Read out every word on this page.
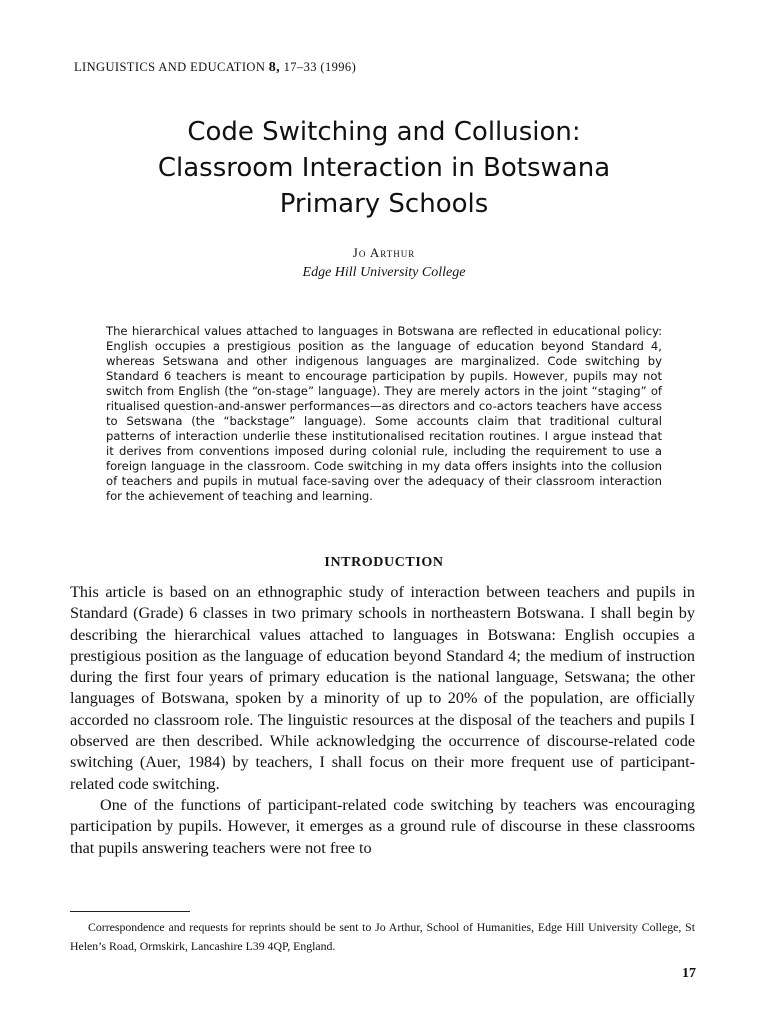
LINGUISTICS AND EDUCATION 8, 17–33 (1996)
Code Switching and Collusion:
Classroom Interaction in Botswana
Primary Schools
Jo Arthur
Edge Hill University College
The hierarchical values attached to languages in Botswana are reflected in educational policy: English occupies a prestigious position as the language of education beyond Standard 4, whereas Setswana and other indigenous languages are marginalized. Code switching by Standard 6 teachers is meant to encourage participation by pupils. However, pupils may not switch from English (the “on-stage” language). They are merely actors in the joint “staging” of ritualised question-and-answer performances—as directors and co-actors teachers have access to Setswana (the “backstage” language). Some accounts claim that traditional cultural patterns of interaction underlie these institutionalised recitation routines. I argue instead that it derives from conventions imposed during colonial rule, including the requirement to use a foreign language in the classroom. Code switching in my data offers insights into the collusion of teachers and pupils in mutual face-saving over the adequacy of their classroom interaction for the achievement of teaching and learning.
INTRODUCTION

This article is based on an ethnographic study of interaction between teachers and pupils in Standard (Grade) 6 classes in two primary schools in northeastern Botswana. I shall begin by describing the hierarchical values attached to languages in Botswana: English occupies a prestigious position as the language of education beyond Standard 4; the medium of instruction during the first four years of primary education is the national language, Setswana; the other languages of Botswana, spoken by a minority of up to 20% of the population, are officially accorded no classroom role. The linguistic resources at the disposal of the teachers and pupils I observed are then described. While acknowledging the occurrence of discourse-related code switching (Auer, 1984) by teachers, I shall focus on their more frequent use of participant-related code switching.

One of the functions of participant-related code switching by teachers was encouraging participation by pupils. However, it emerges as a ground rule of discourse in these classrooms that pupils answering teachers were not free to

Correspondence and requests for reprints should be sent to Jo Arthur, School of Humanities, Edge Hill University College, St Helen’s Road, Ormskirk, Lancashire L39 4QP, England.
17
